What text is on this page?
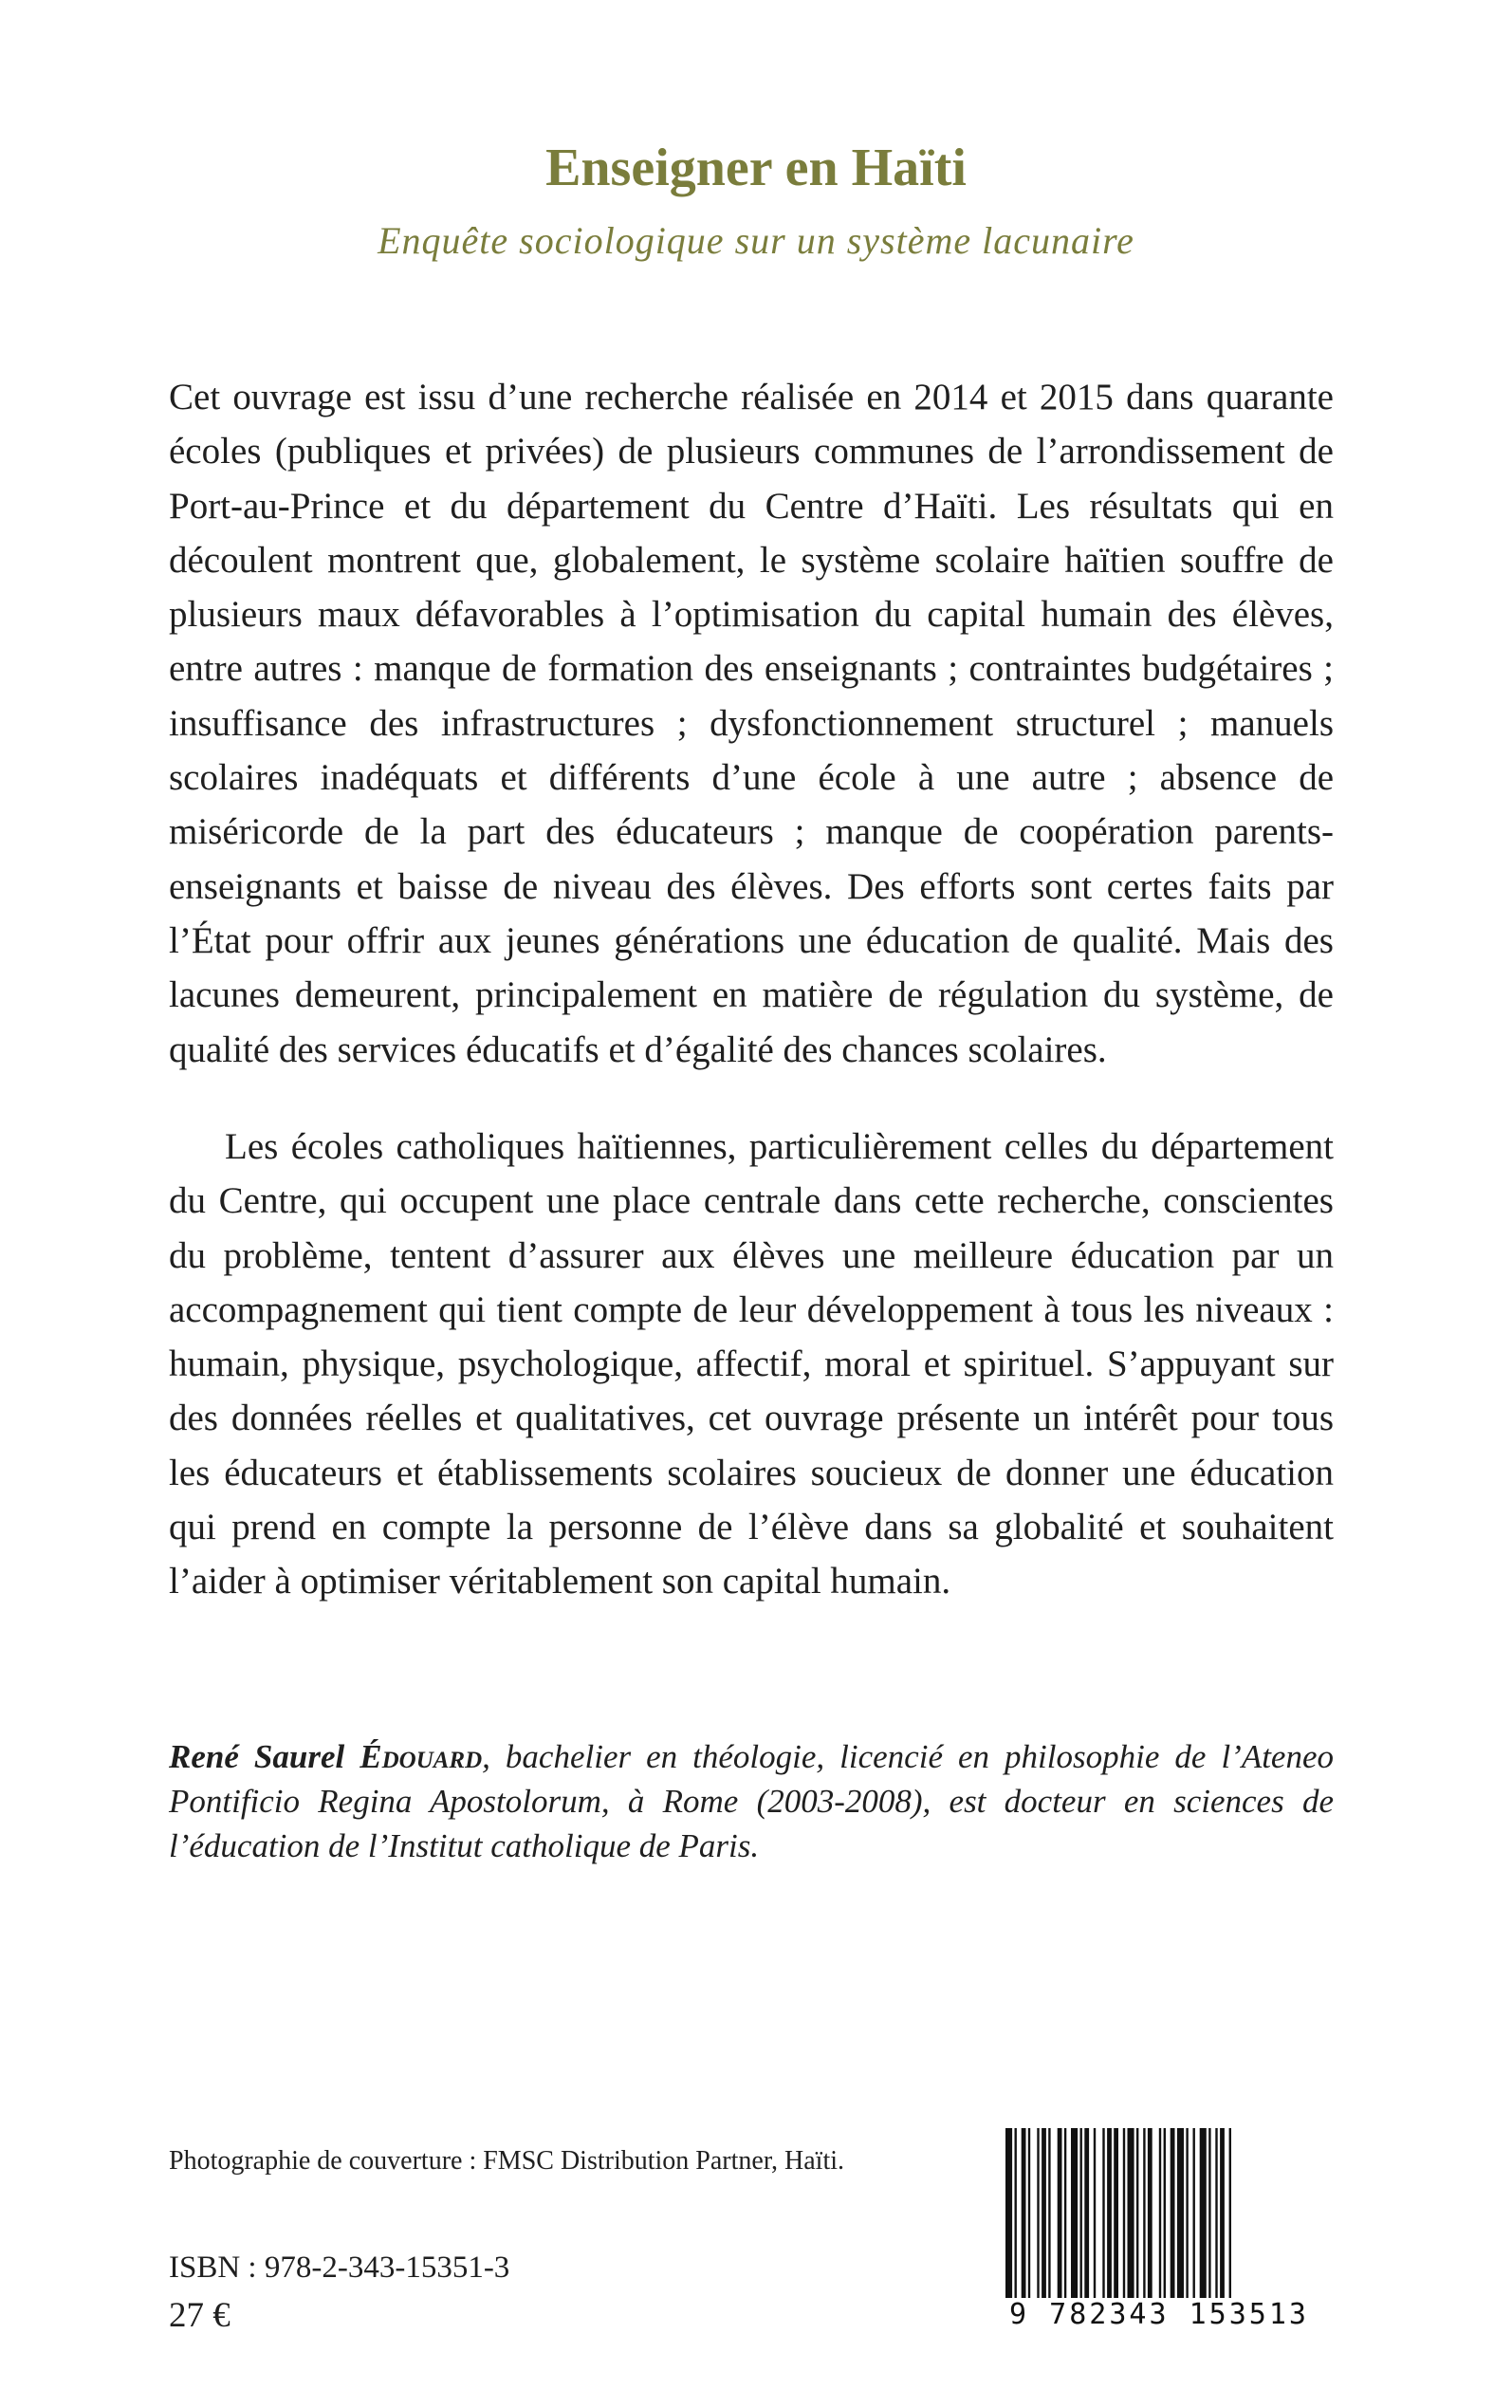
Enseigner en Haïti
Enquête sociologique sur un système lacunaire

Cet ouvrage est issu d’une recherche réalisée en 2014 et 2015 dans quarante écoles (publiques et privées) de plusieurs communes de l’arrondissement de Port-au-Prince et du département du Centre d’Haïti. Les résultats qui en découlent montrent que, globalement, le système scolaire haïtien souffre de plusieurs maux défavorables à l’optimisation du capital humain des élèves, entre autres : manque de formation des enseignants ; contraintes budgétaires ; insuffisance des infrastructures ; dysfonctionnement structurel ; manuels scolaires inadéquats et différents d’une école à une autre ; absence de miséricorde de la part des éducateurs ; manque de coopération parents-enseignants et baisse de niveau des élèves. Des efforts sont certes faits par l’État pour offrir aux jeunes générations une éducation de qualité. Mais des lacunes demeurent, principalement en matière de régulation du système, de qualité des services éducatifs et d’égalité des chances scolaires.

Les écoles catholiques haïtiennes, particulièrement celles du département du Centre, qui occupent une place centrale dans cette recherche, conscientes du problème, tentent d’assurer aux élèves une meilleure éducation par un accompagnement qui tient compte de leur développement à tous les niveaux : humain, physique, psychologique, affectif, moral et spirituel. S’appuyant sur des données réelles et qualitatives, cet ouvrage présente un intérêt pour tous les éducateurs et établissements scolaires soucieux de donner une éducation qui prend en compte la personne de l’élève dans sa globalité et souhaitent l’aider à optimiser véritablement son capital humain.

René Saurel Édouard, bachelier en théologie, licencié en philosophie de l’Ateneo Pontificio Regina Apostolorum, à Rome (2003-2008), est docteur en sciences de l’éducation de l’Institut catholique de Paris.

Photographie de couverture : FMSC Distribution Partner, Haïti.
ISBN : 978-2-343-15351-3
27 €	9 782343 153513
